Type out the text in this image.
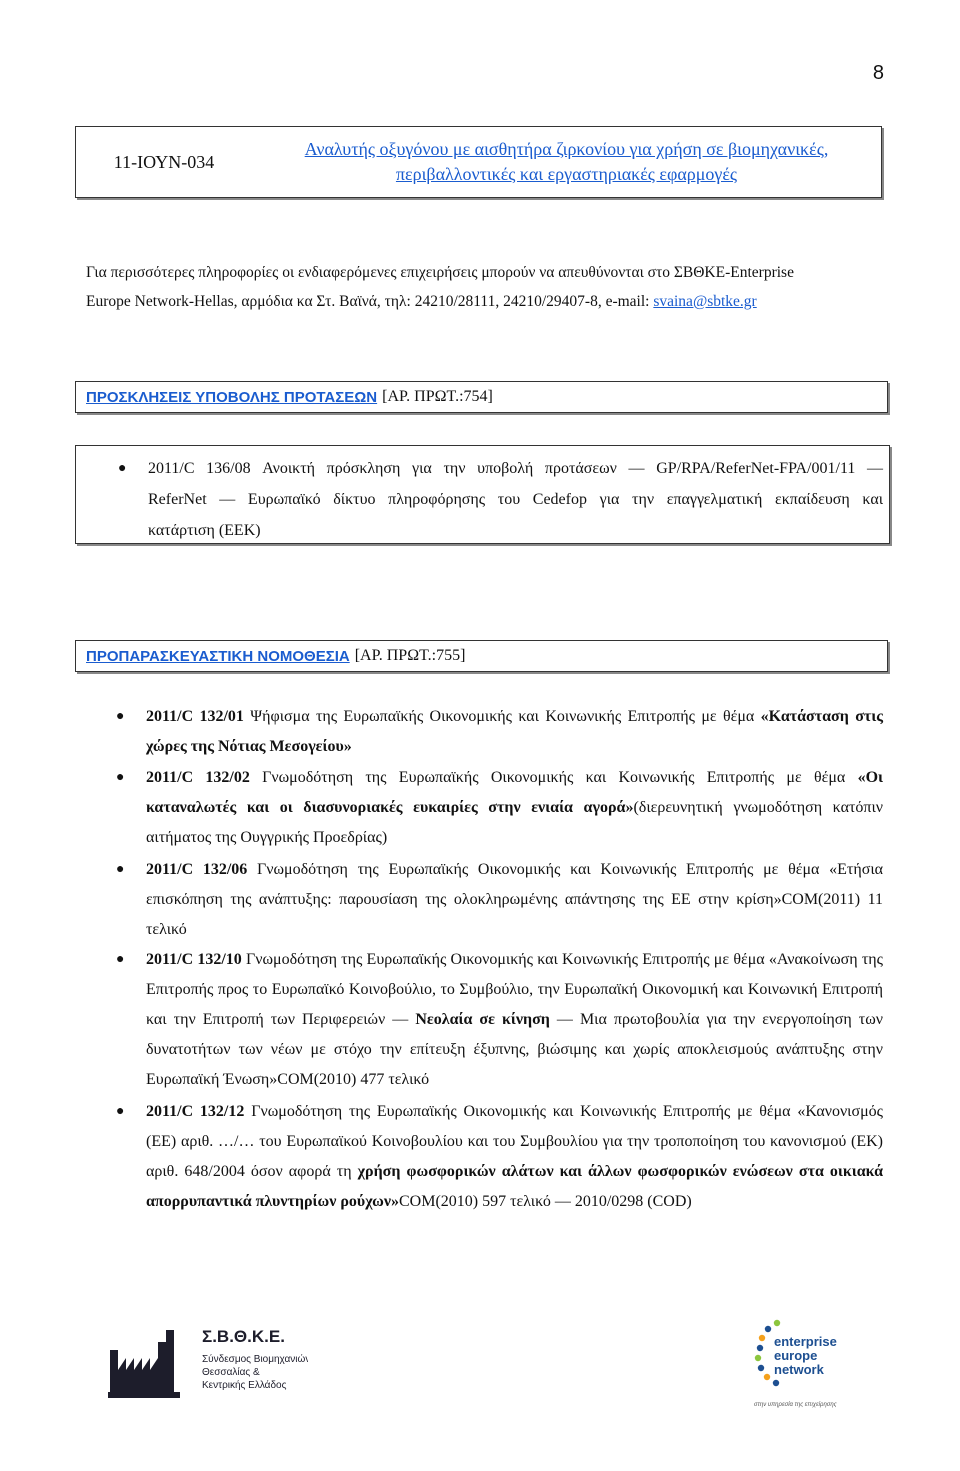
8
11-ΙΟΥΝ-034
Αναλυτής οξυγόνου με αισθητήρα ζιρκονίου για χρήση σε βιομηχανικές,
περιβαλλοντικές και εργαστηριακές εφαρμογές
Για περισσότερες πληροφορίες οι ενδιαφερόμενες επιχειρήσεις μπορούν να απευθύνονται στο ΣΒΘΚΕ-Enterprise
Europe Network-Hellas, αρμόδια κα Στ. Βαϊνά, τηλ: 24210/28111, 24210/29407-8, e-mail: svaina@sbtke.gr
ΠΡΟΣΚΛΗΣΕΙΣ ΥΠΟΒΟΛΗΣ ΠΡΟΤΑΣΕΩΝ [ΑΡ. ΠΡΩΤ.:754]
● 2011/C 136/08 Ανοικτή πρόσκληση για την υποβολή προτάσεων — GP/RPA/ReferNet-FPA/001/11 —
ReferNet — Ευρωπαϊκό δίκτυο πληροφόρησης του Cedefop για την επαγγελματική εκπαίδευση και
κατάρτιση (ΕΕΚ)
ΠΡΟΠΑΡΑΣΚΕΥΑΣΤΙΚΗ ΝΟΜΟΘΕΣΙΑ [ΑΡ. ΠΡΩΤ.:755]
● 2011/C 132/01 Ψήφισμα της Ευρωπαϊκής Οικονομικής και Κοινωνικής Επιτροπής με θέμα «Κατάσταση στις χώρες της Νότιας Μεσογείου»
● 2011/C 132/02 Γνωμοδότηση της Ευρωπαϊκής Οικονομικής και Κοινωνικής Επιτροπής με θέμα «Οι καταναλωτές και οι διασυνοριακές ευκαιρίες στην ενιαία αγορά»(διερευνητική γνωμοδότηση κατόπιν αιτήματος της Ουγγρικής Προεδρίας)
● 2011/C 132/06 Γνωμοδότηση της Ευρωπαϊκής Οικονομικής και Κοινωνικής Επιτροπής με θέμα «Ετήσια επισκόπηση της ανάπτυξης: παρουσίαση της ολοκληρωμένης απάντησης της ΕΕ στην κρίση»COM(2011) 11 τελικό
● 2011/C 132/10 Γνωμοδότηση της Ευρωπαϊκής Οικονομικής και Κοινωνικής Επιτροπής με θέμα «Ανακοίνωση της Επιτροπής προς το Ευρωπαϊκό Κοινοβούλιο, το Συμβούλιο, την Ευρωπαϊκή Οικονομική και Κοινωνική Επιτροπή και την Επιτροπή των Περιφερειών — Νεολαία σε κίνηση — Μια πρωτοβουλία για την ενεργοποίηση των δυνατοτήτων των νέων με στόχο την επίτευξη έξυπνης, βιώσιμης και χωρίς αποκλεισμούς ανάπτυξης στην Ευρωπαϊκή Ένωση»COM(2010) 477 τελικό
● 2011/C 132/12 Γνωμοδότηση της Ευρωπαϊκής Οικονομικής και Κοινωνικής Επιτροπής με θέμα «Κανονισμός (ΕΕ) αριθ. …/… του Ευρωπαϊκού Κοινοβουλίου και του Συμβουλίου για την τροποποίηση του κανονισμού (ΕΚ) αριθ. 648/2004 όσον αφορά τη χρήση φωσφορικών αλάτων και άλλων φωσφορικών ενώσεων στα οικιακά απορρυπαντικά πλυντηρίων ρούχων»COM(2010) 597 τελικό — 2010/0298 (COD)
Σ.Β.Θ.Κ.Ε.
Σύνδεσμος Βιομηχανιών
Θεσσαλίας &
Κεντρικής Ελλάδος
enterprise
europe
network
στην υπηρεσία της επιχείρησης
